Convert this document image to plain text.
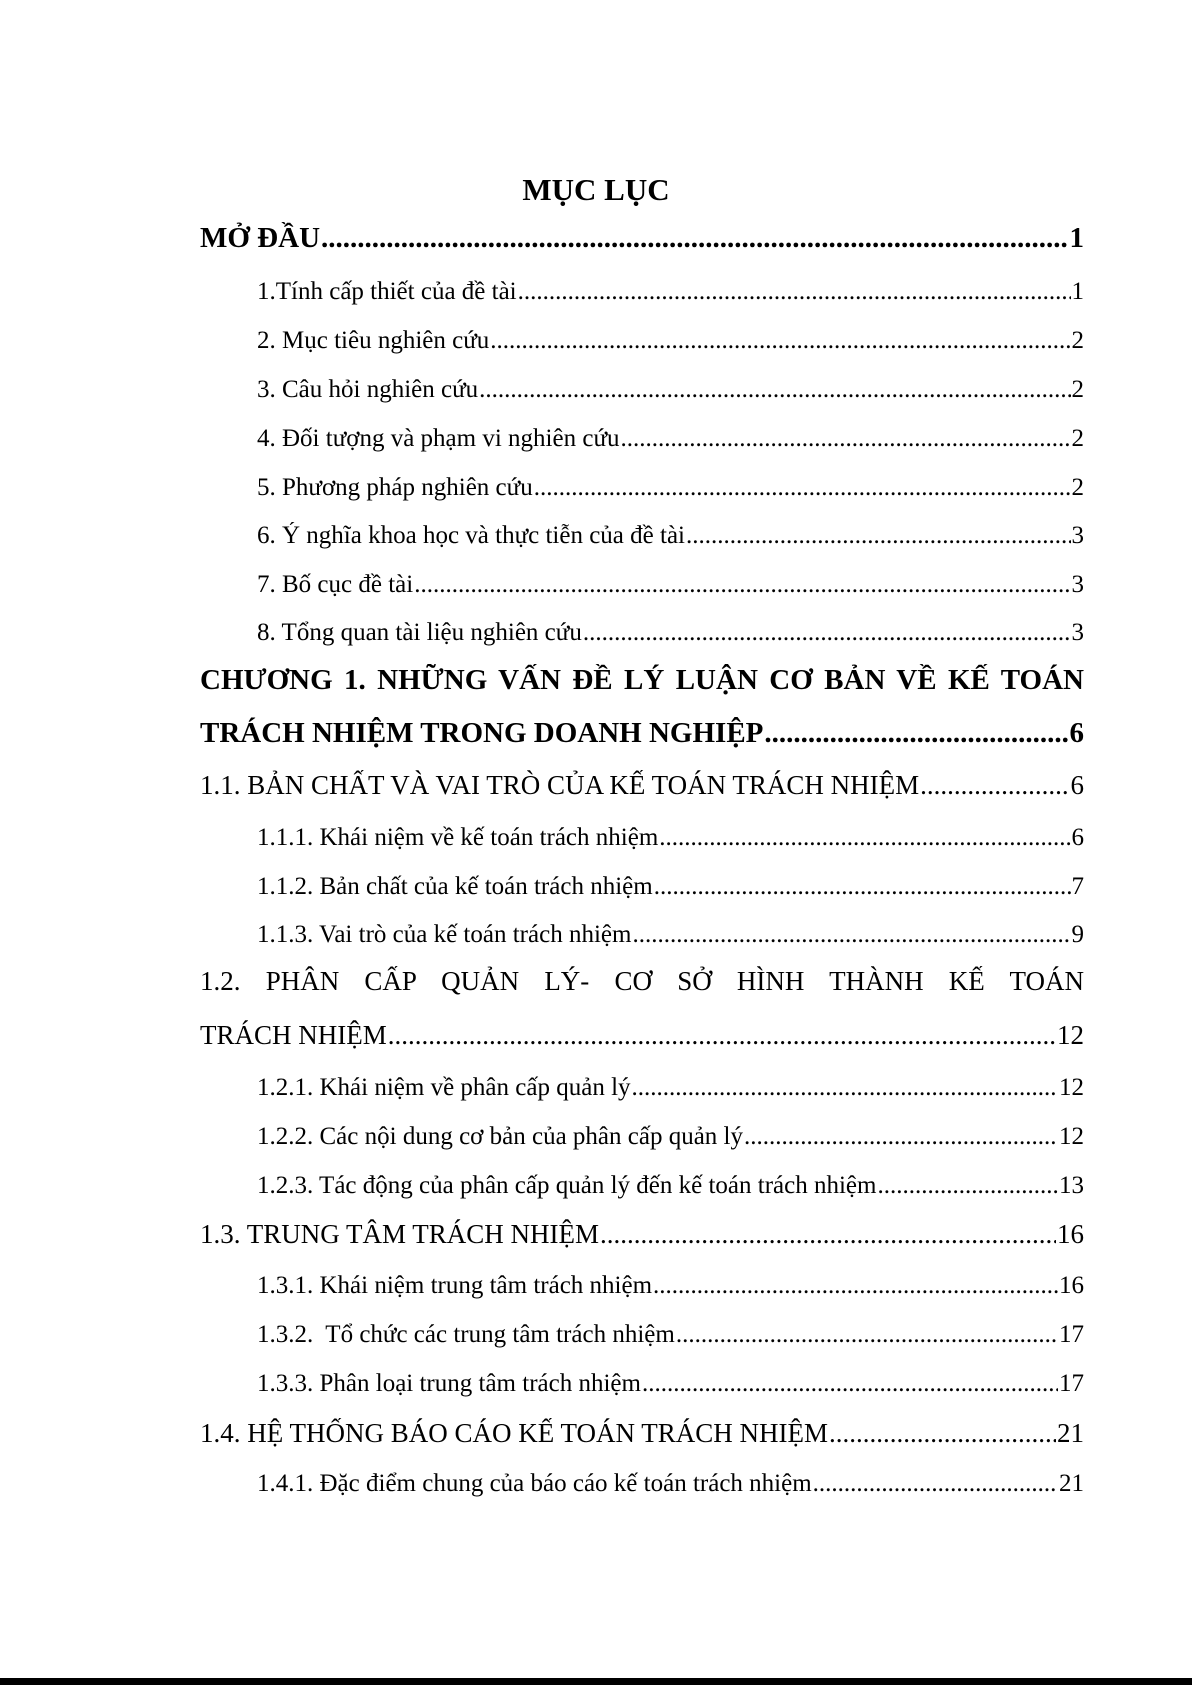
MỤC LỤC
MỞ ĐẦU .....	1
1.Tính cấp thiết của đề tài .....	1
2. Mục tiêu nghiên cứu .....	2
3. Câu hỏi nghiên cứu .....	2
4. Đối tượng và phạm vi nghiên cứu .....	2
5. Phương pháp nghiên cứu .....	2
6. Ý nghĩa khoa học và thực tiễn của đề tài .....	3
7. Bố cục đề tài .....	3
8. Tổng quan tài liệu nghiên cứu .....	3
CHƯƠNG 1. NHỮNG VẤN ĐỀ LÝ LUẬN CƠ BẢN VỀ KẾ TOÁN
TRÁCH NHIỆM TRONG DOANH NGHIỆP .....	6
1.1. BẢN CHẤT VÀ VAI TRÒ CỦA KẾ TOÁN TRÁCH NHIỆM .....	6
1.1.1. Khái niệm về kế toán trách nhiệm .....	6
1.1.2. Bản chất của kế toán trách nhiệm .....	7
1.1.3. Vai trò của kế toán trách nhiệm .....	9
1.2. PHÂN CẤP QUẢN LÝ- CƠ SỞ HÌNH THÀNH KẾ TOÁN
TRÁCH NHIỆM .....	12
1.2.1. Khái niệm về phân cấp quản lý .....	12
1.2.2. Các nội dung cơ bản của phân cấp quản lý .....	12
1.2.3. Tác động của phân cấp quản lý đến kế toán trách nhiệm .....	13
1.3. TRUNG TÂM TRÁCH NHIỆM .....	16
1.3.1. Khái niệm trung tâm trách nhiệm .....	16
1.3.2.  Tổ chức các trung tâm trách nhiệm .....	17
1.3.3. Phân loại trung tâm trách nhiệm .....	17
1.4. HỆ THỐNG BÁO CÁO KẾ TOÁN TRÁCH NHIỆM .....	21
1.4.1. Đặc điểm chung của báo cáo kế toán trách nhiệm .....	21
